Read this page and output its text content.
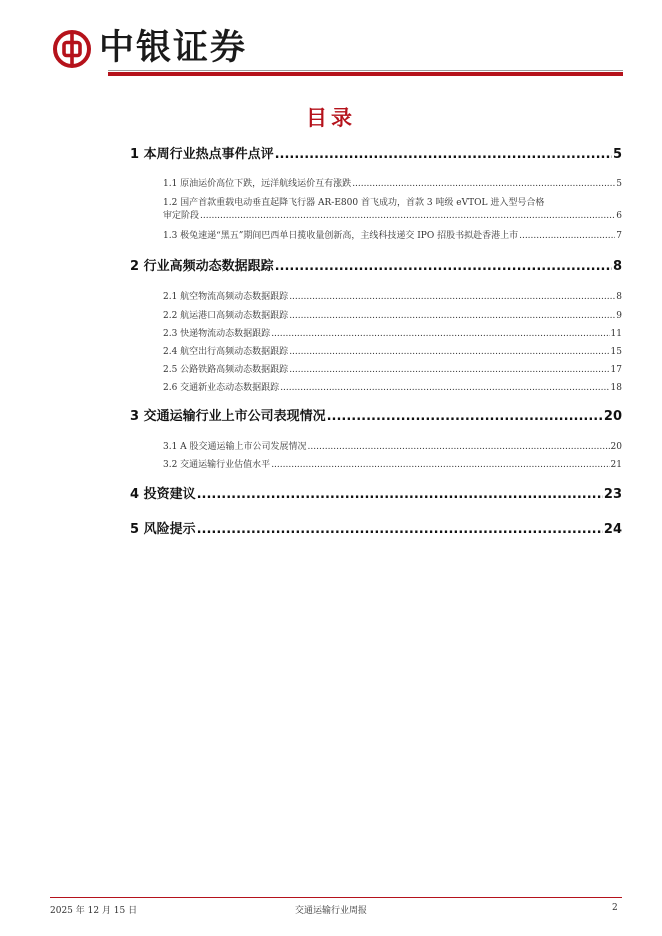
中银证券
目录
1 本周行业热点事件点评 .....	5
1.1 原油运价高位下跌，远洋航线运价互有涨跌 .....	5
1.2 国产首款重载电动垂直起降飞行器 AR-E800 首飞成功，首款 3 吨级 eVTOL 进入型号合格
审定阶段 .....	6
1.3 极兔速递“黑五”期间巴西单日揽收量创新高，主线科技递交 IPO 招股书拟赴香港上市 .....	7
2 行业高频动态数据跟踪 .....	8
2.1 航空物流高频动态数据跟踪 .....	8
2.2 航运港口高频动态数据跟踪 .....	9
2.3 快递物流动态数据跟踪 .....	11
2.4 航空出行高频动态数据跟踪 .....	15
2.5 公路铁路高频动态数据跟踪 .....	17
2.6 交通新业态动态数据跟踪 .....	18
3 交通运输行业上市公司表现情况 .....	20
3.1 A 股交通运输上市公司发展情况 .....	20
3.2 交通运输行业估值水平 .....	21
4 投资建议 .....	23
5 风险提示 .....	24
2025 年 12 月 15 日	交通运输行业周报	2
